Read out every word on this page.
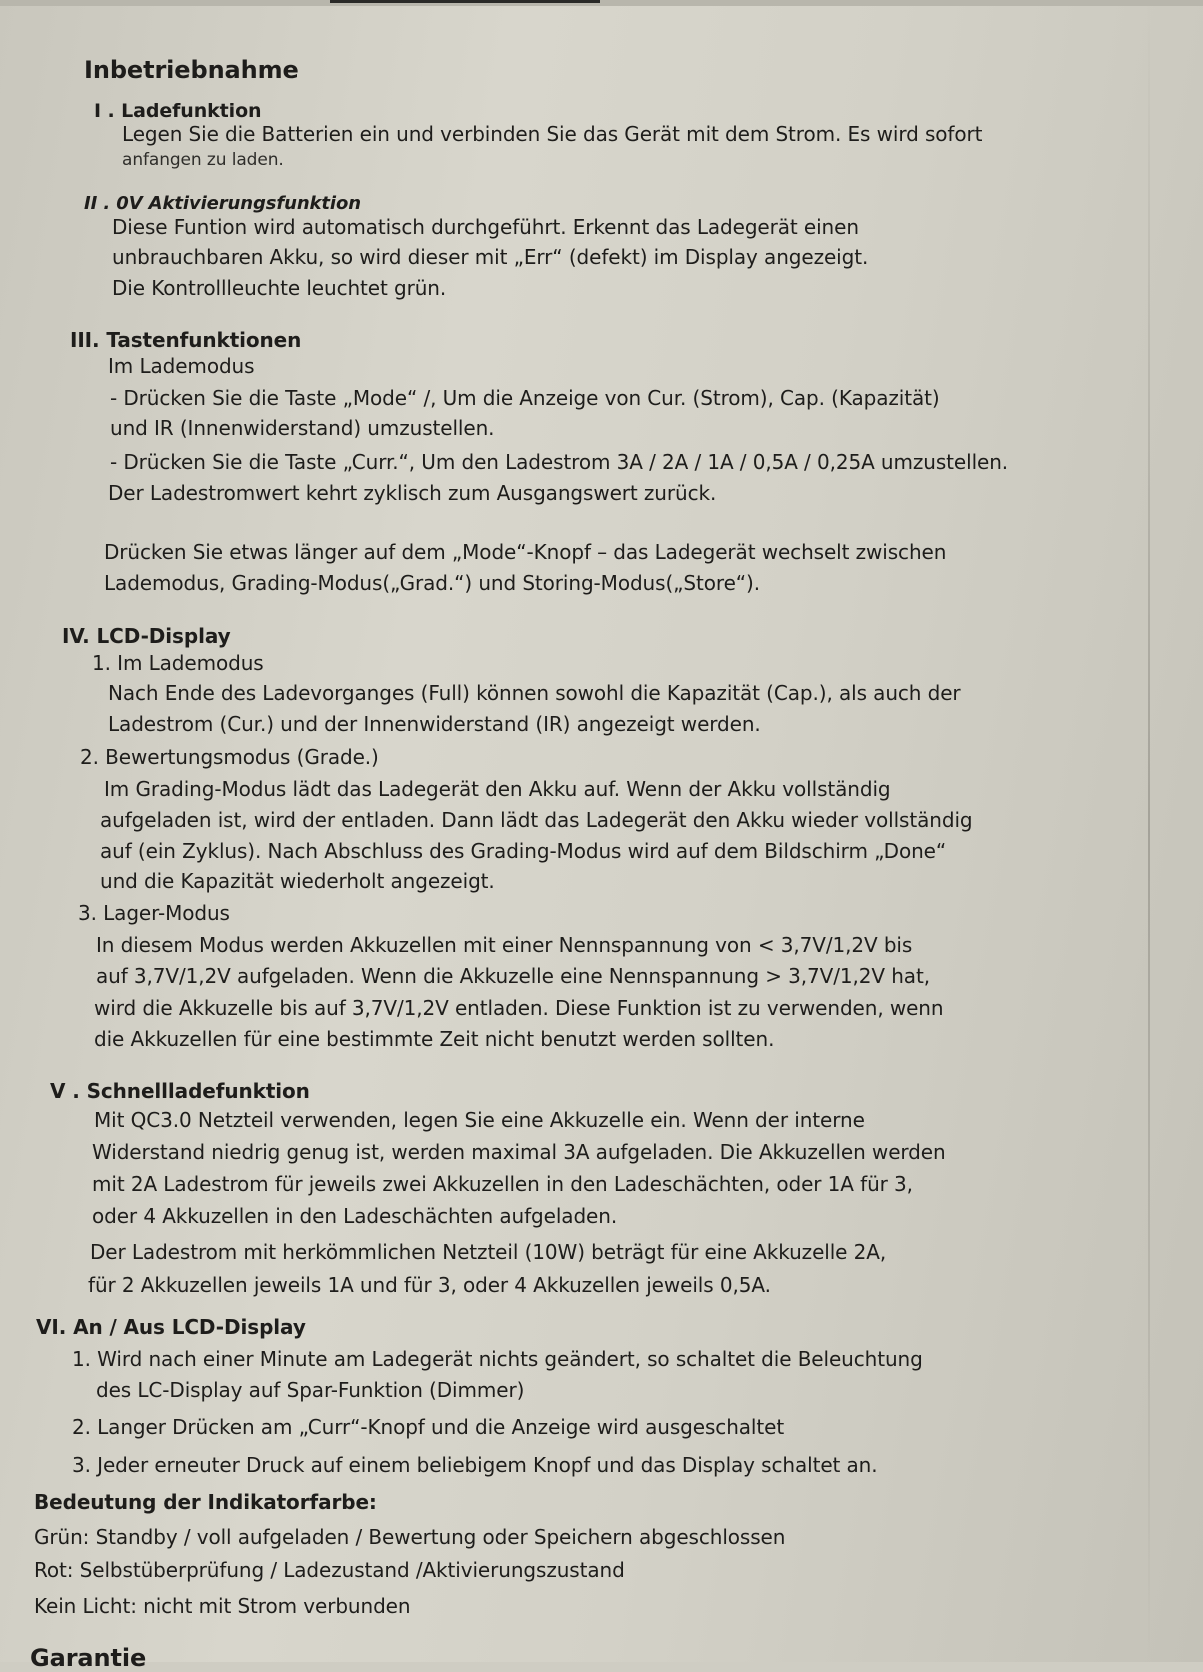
Inbetriebnahme
I . Ladefunktion
Legen Sie die Batterien ein und verbinden Sie das Gerät mit dem Strom. Es wird sofort
anfangen zu laden.
II . 0V Aktivierungsfunktion
Diese Funtion wird automatisch durchgeführt. Erkennt das Ladegerät einen
unbrauchbaren Akku, so wird dieser mit „Err“ (defekt) im Display angezeigt.
Die Kontrollleuchte leuchtet grün.
III. Tastenfunktionen
Im Lademodus
- Drücken Sie die Taste „Mode“ /, Um die Anzeige von Cur. (Strom), Cap. (Kapazität)
und IR (Innenwiderstand) umzustellen.
- Drücken Sie die Taste „Curr.“, Um den Ladestrom 3A / 2A / 1A / 0,5A / 0,25A umzustellen.
Der Ladestromwert kehrt zyklisch zum Ausgangswert zurück.
Drücken Sie etwas länger auf dem „Mode“-Knopf – das Ladegerät wechselt zwischen
Lademodus, Grading-Modus(„Grad.“) und Storing-Modus(„Store“).
IV. LCD-Display
1. Im Lademodus
Nach Ende des Ladevorganges (Full) können sowohl die Kapazität (Cap.), als auch der
Ladestrom (Cur.) und der Innenwiderstand (IR) angezeigt werden.
2. Bewertungsmodus (Grade.)
Im Grading-Modus lädt das Ladegerät den Akku auf. Wenn der Akku vollständig
aufgeladen ist, wird der entladen. Dann lädt das Ladegerät den Akku wieder vollständig
auf (ein Zyklus). Nach Abschluss des Grading-Modus wird auf dem Bildschirm „Done“
und die Kapazität wiederholt angezeigt.
3. Lager-Modus
In diesem Modus werden Akkuzellen mit einer Nennspannung von < 3,7V/1,2V bis
auf 3,7V/1,2V aufgeladen. Wenn die Akkuzelle eine Nennspannung > 3,7V/1,2V hat,
wird die Akkuzelle bis auf 3,7V/1,2V entladen. Diese Funktion ist zu verwenden, wenn
die Akkuzellen für eine bestimmte Zeit nicht benutzt werden sollten.
V . Schnellladefunktion
Mit QC3.0 Netzteil verwenden, legen Sie eine Akkuzelle ein. Wenn der interne
Widerstand niedrig genug ist, werden maximal 3A aufgeladen. Die Akkuzellen werden
mit 2A Ladestrom für jeweils zwei Akkuzellen in den Ladeschächten, oder 1A für 3,
oder 4 Akkuzellen in den Ladeschächten aufgeladen.
Der Ladestrom mit herkömmlichen Netzteil (10W) beträgt für eine Akkuzelle 2A,
für 2 Akkuzellen jeweils 1A und für 3, oder 4 Akkuzellen jeweils 0,5A.
VI. An / Aus LCD-Display
1. Wird nach einer Minute am Ladegerät nichts geändert, so schaltet die Beleuchtung
des LC-Display auf Spar-Funktion (Dimmer)
2. Langer Drücken am „Curr“-Knopf und die Anzeige wird ausgeschaltet
3. Jeder erneuter Druck auf einem beliebigem Knopf und das Display schaltet an.
Bedeutung der Indikatorfarbe:
Grün: Standby / voll aufgeladen / Bewertung oder Speichern abgeschlossen
Rot: Selbstüberprüfung / Ladezustand /Aktivierungszustand
Kein Licht: nicht mit Strom verbunden
Garantie
